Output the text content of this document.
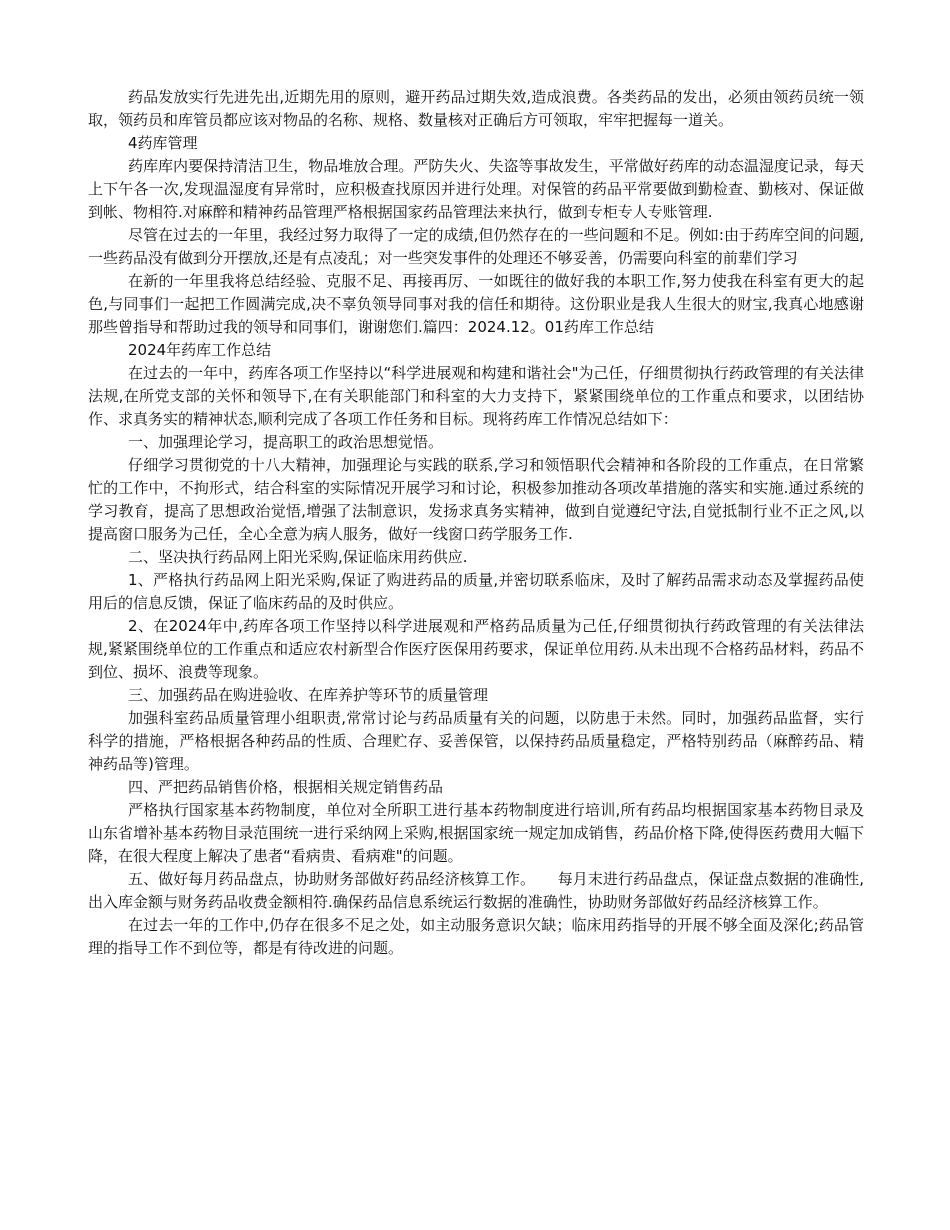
药品发放实行先进先出,近期先用的原则，避开药品过期失效,造成浪费。各类药品的发出，必须由领药员统一领取，领药员和库管员都应该对物品的名称、规格、数量核对正确后方可领取，牢牢把握每一道关。

4药库管理

药库库内要保持清洁卫生，物品堆放合理。严防失火、失盗等事故发生，平常做好药库的动态温湿度记录，每天上下午各一次,发现温湿度有异常时，应积极查找原因并进行处理。对保管的药品平常要做到勤检查、勤核对、保证做到帐、物相符.对麻醉和精神药品管理严格根据国家药品管理法来执行，做到专柜专人专账管理.

尽管在过去的一年里，我经过努力取得了一定的成绩,但仍然存在的一些问题和不足。例如:由于药库空间的问题,一些药品没有做到分开摆放,还是有点凌乱；对一些突发事件的处理还不够妥善，仍需要向科室的前辈们学习

在新的一年里我将总结经验、克服不足、再接再厉、一如既往的做好我的本职工作,努力使我在科室有更大的起色,与同事们一起把工作圆满完成,决不辜负领导同事对我的信任和期待。这份职业是我人生很大的财宝,我真心地感谢那些曾指导和帮助过我的领导和同事们，谢谢您们.篇四：2024.12。01药库工作总结

2024年药库工作总结

在过去的一年中，药库各项工作坚持以“科学进展观和构建和谐社会"为己任，仔细贯彻执行药政管理的有关法律法规,在所党支部的关怀和领导下,在有关职能部门和科室的大力支持下，紧紧围绕单位的工作重点和要求，以团结协作、求真务实的精神状态,顺利完成了各项工作任务和目标。现将药库工作情况总结如下：

一、加强理论学习，提高职工的政治思想觉悟。

仔细学习贯彻党的十八大精神，加强理论与实践的联系,学习和领悟职代会精神和各阶段的工作重点，在日常繁忙的工作中，不拘形式，结合科室的实际情况开展学习和讨论，积极参加推动各项改革措施的落实和实施.通过系统的学习教育，提高了思想政治觉悟,增强了法制意识，发扬求真务实精神，做到自觉遵纪守法,自觉抵制行业不正之风,以提高窗口服务为己任，全心全意为病人服务，做好一线窗口药学服务工作.

二、坚决执行药品网上阳光采购,保证临床用药供应.

1、严格执行药品网上阳光采购,保证了购进药品的质量,并密切联系临床，及时了解药品需求动态及掌握药品使用后的信息反馈，保证了临床药品的及时供应。

2、在2024年中,药库各项工作坚持以科学进展观和严格药品质量为己任,仔细贯彻执行药政管理的有关法律法规,紧紧围绕单位的工作重点和适应农村新型合作医疗医保用药要求，保证单位用药.从未出现不合格药品材料，药品不到位、损坏、浪费等现象。

三、加强药品在购进验收、在库养护等环节的质量管理

加强科室药品质量管理小组职责,常常讨论与药品质量有关的问题，以防患于未然。同时，加强药品监督，实行科学的措施，严格根据各种药品的性质、合理贮存、妥善保管，以保持药品质量稳定，严格特别药品（麻醉药品、精神药品等)管理。

四、严把药品销售价格，根据相关规定销售药品

严格执行国家基本药物制度，单位对全所职工进行基本药物制度进行培训,所有药品均根据国家基本药物目录及山东省增补基本药物目录范围统一进行采纳网上采购,根据国家统一规定加成销售，药品价格下降,使得医药费用大幅下降，在很大程度上解决了患者“看病贵、看病难"的问题。

五、做好每月药品盘点，协助财务部做好药品经济核算工作。　　每月末进行药品盘点，保证盘点数据的准确性,出入库金额与财务药品收费金额相符.确保药品信息系统运行数据的准确性，协助财务部做好药品经济核算工作。

在过去一年的工作中,仍存在很多不足之处，如主动服务意识欠缺；临床用药指导的开展不够全面及深化;药品管理的指导工作不到位等，都是有待改进的问题。
